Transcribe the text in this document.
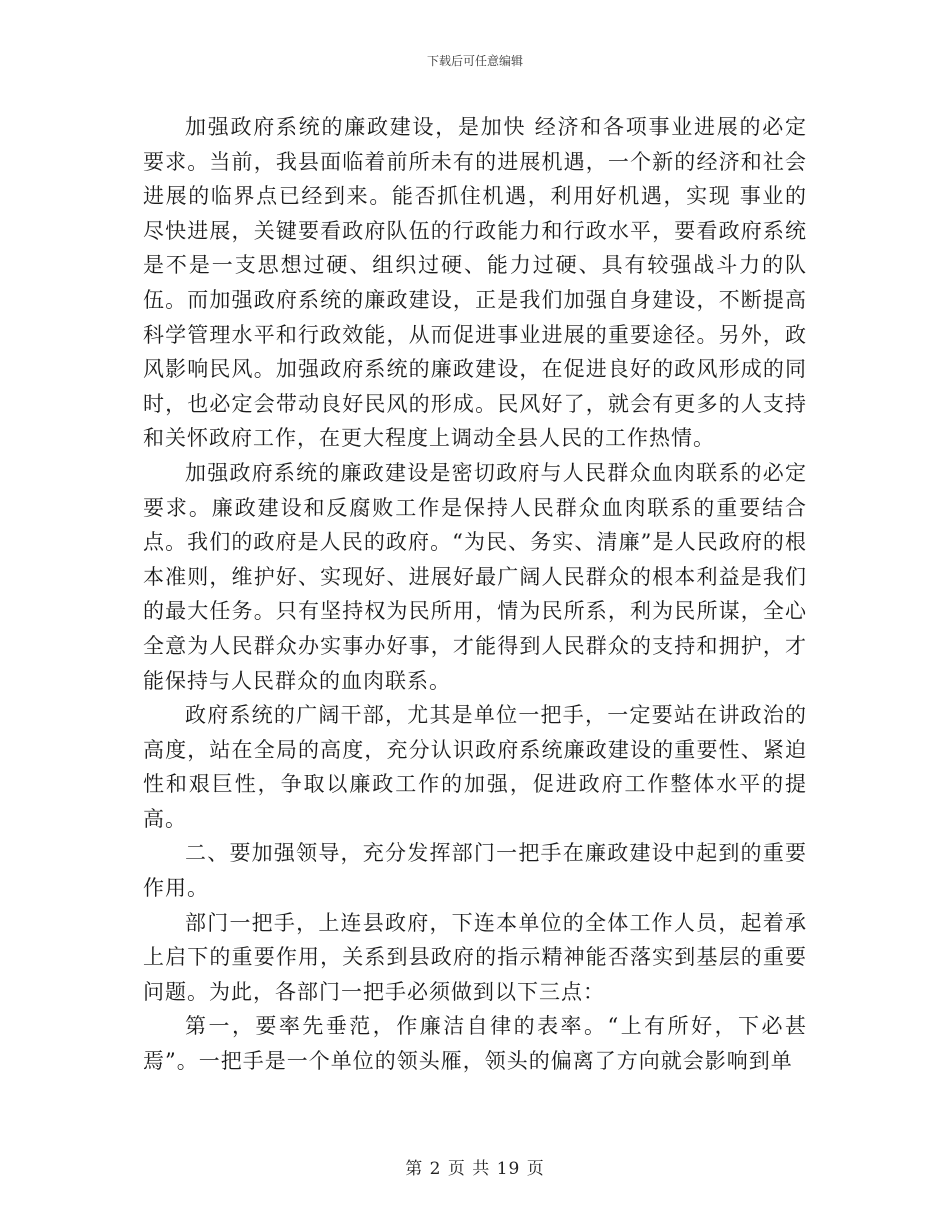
下载后可任意编辑

加强政府系统的廉政建设，是加快 经济和各项事业进展的必定要求。当前，我县面临着前所未有的进展机遇，一个新的经济和社会进展的临界点已经到来。能否抓住机遇，利用好机遇，实现 事业的尽快进展，关键要看政府队伍的行政能力和行政水平，要看政府系统是不是一支思想过硬、组织过硬、能力过硬、具有较强战斗力的队伍。而加强政府系统的廉政建设，正是我们加强自身建设，不断提高科学管理水平和行政效能，从而促进事业进展的重要途径。另外，政风影响民风。加强政府系统的廉政建设，在促进良好的政风形成的同时，也必定会带动良好民风的形成。民风好了，就会有更多的人支持和关怀政府工作，在更大程度上调动全县人民的工作热情。

加强政府系统的廉政建设是密切政府与人民群众血肉联系的必定要求。廉政建设和反腐败工作是保持人民群众血肉联系的重要结合点。我们的政府是人民的政府。“为民、务实、清廉”是人民政府的根本准则，维护好、实现好、进展好最广阔人民群众的根本利益是我们的最大任务。只有坚持权为民所用，情为民所系，利为民所谋，全心全意为人民群众办实事办好事，才能得到人民群众的支持和拥护，才能保持与人民群众的血肉联系。

政府系统的广阔干部，尤其是单位一把手，一定要站在讲政治的高度，站在全局的高度，充分认识政府系统廉政建设的重要性、紧迫性和艰巨性，争取以廉政工作的加强，促进政府工作整体水平的提高。

二、要加强领导，充分发挥部门一把手在廉政建设中起到的重要作用。

部门一把手，上连县政府，下连本单位的全体工作人员，起着承上启下的重要作用，关系到县政府的指示精神能否落实到基层的重要问题。为此，各部门一把手必须做到以下三点：

第一，要率先垂范，作廉洁自律的表率。“上有所好，下必甚焉”。一把手是一个单位的领头雁，领头的偏离了方向就会影响到单

第 2 页 共 19 页
